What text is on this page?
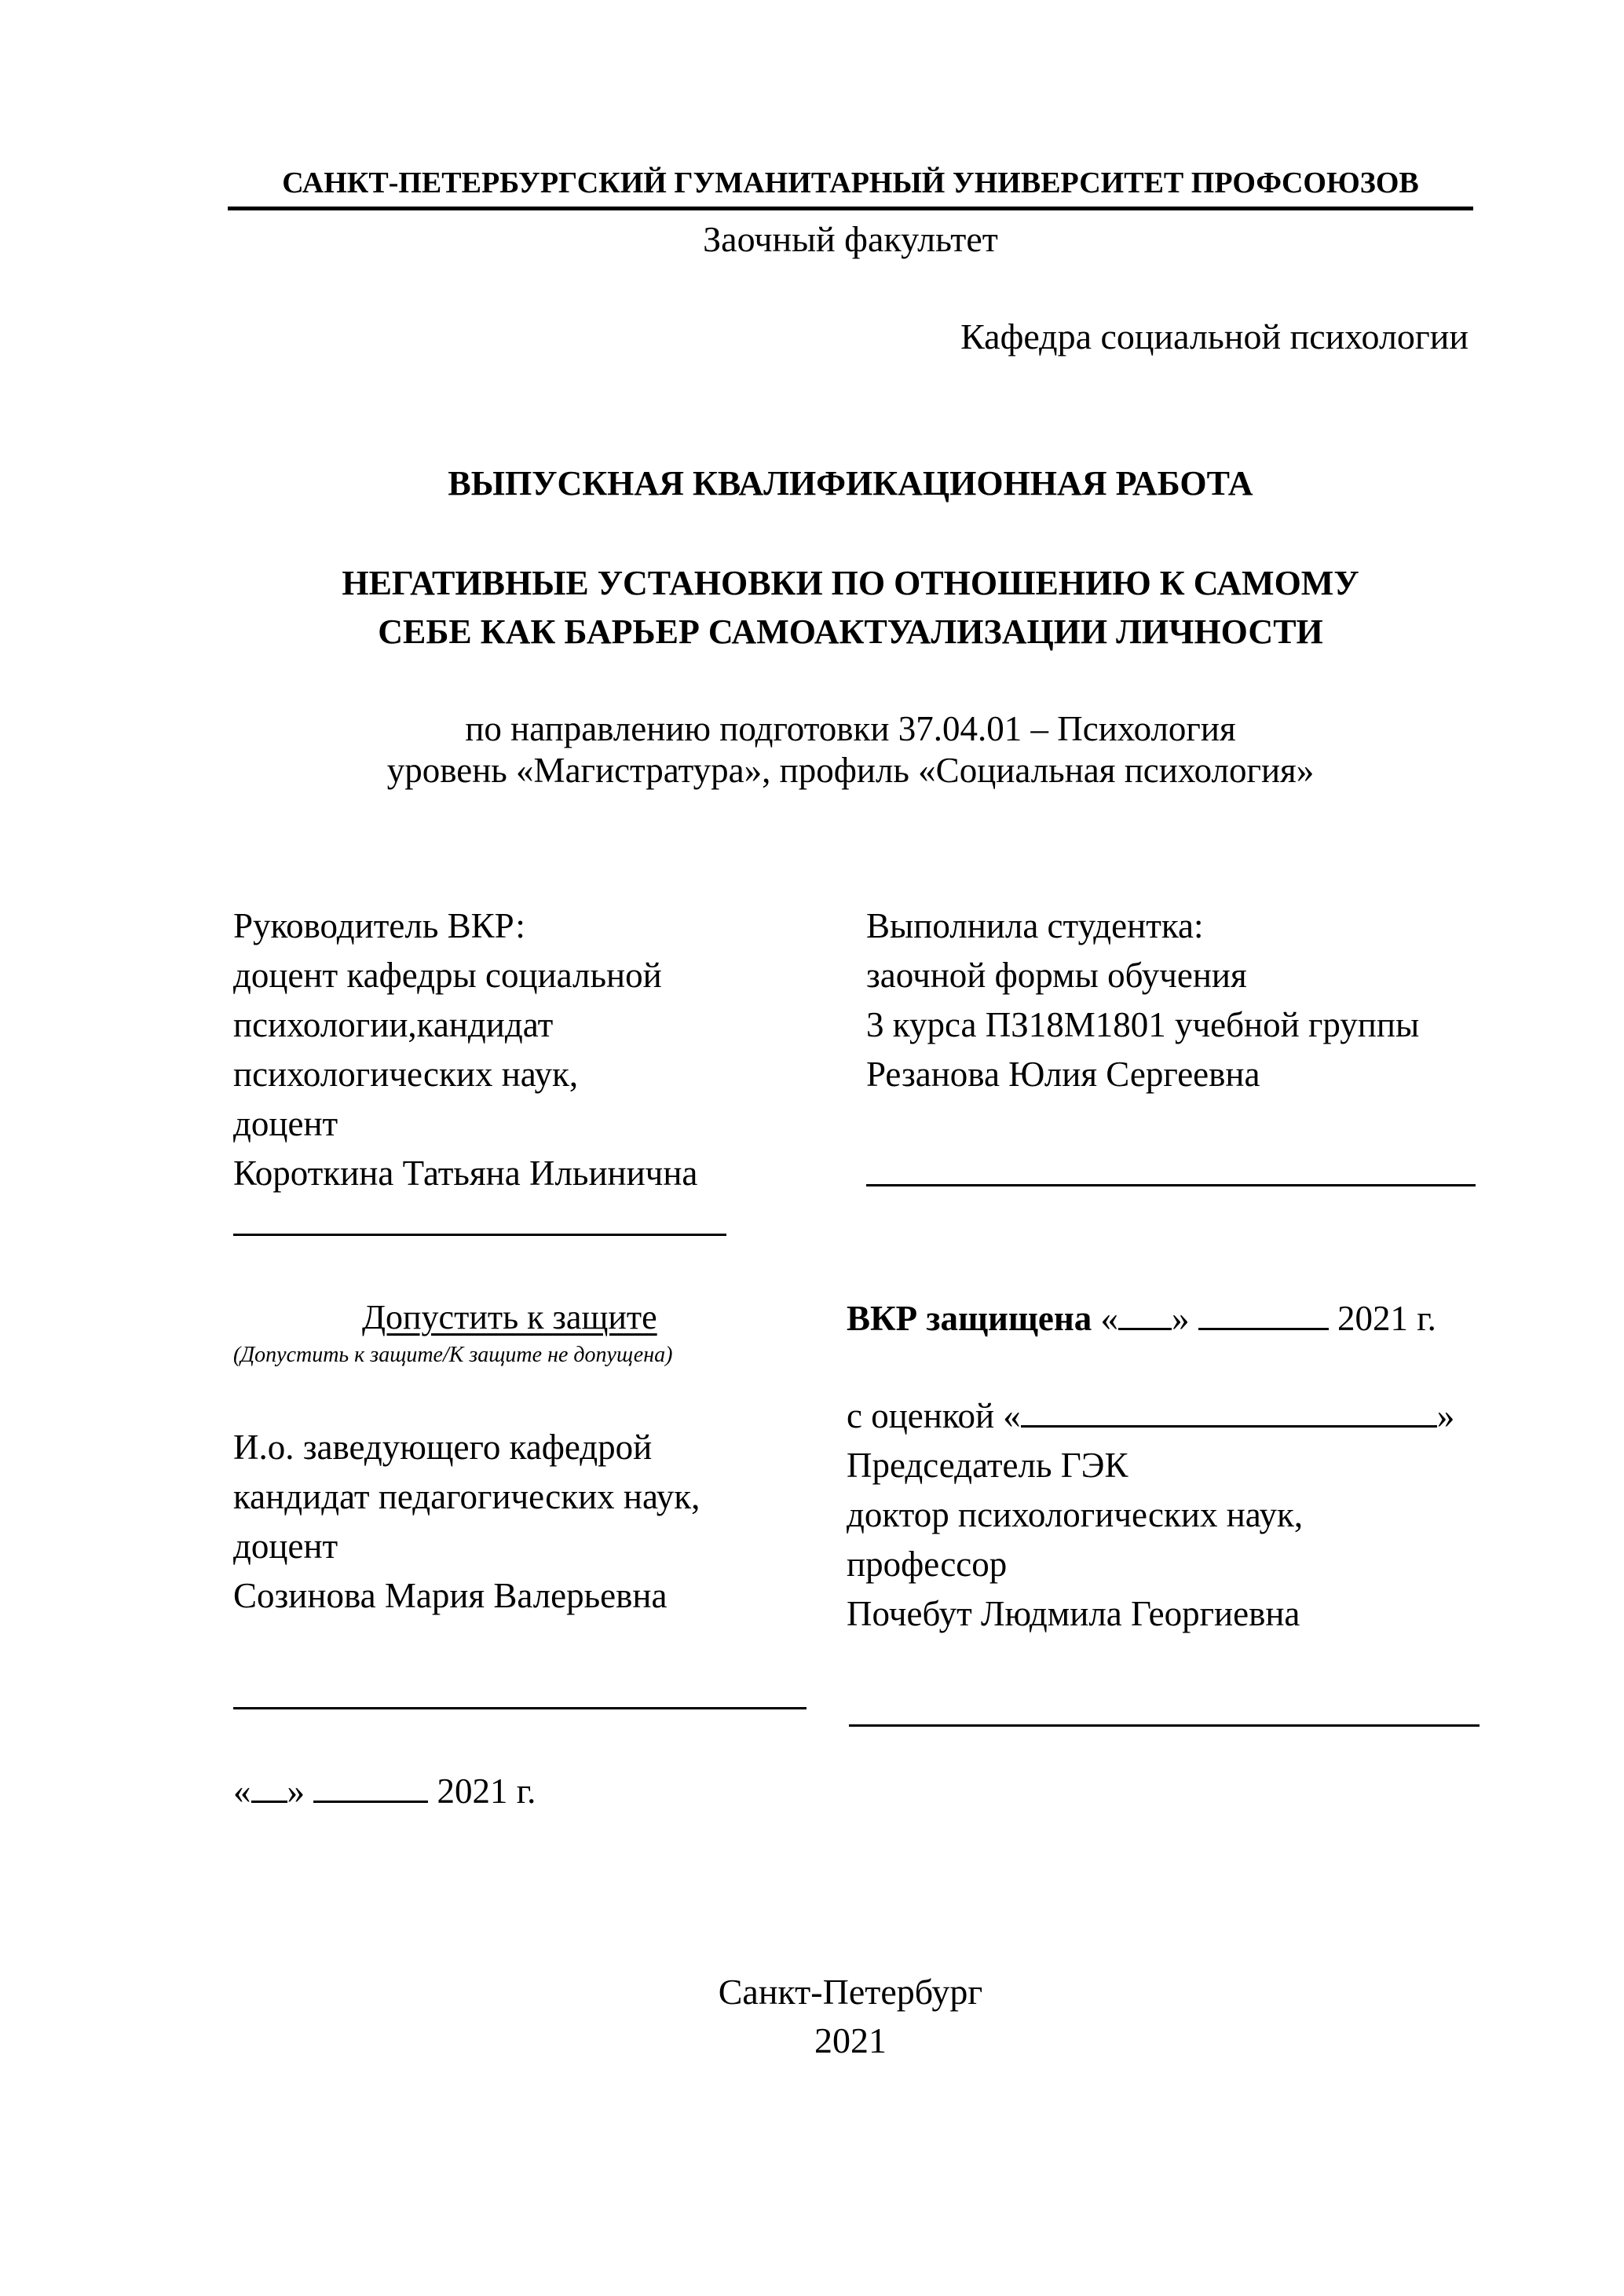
САНКТ-ПЕТЕРБУРГСКИЙ ГУМАНИТАРНЫЙ УНИВЕРСИТЕТ ПРОФСОЮЗОВ
Заочный факультет
Кафедра социальной психологии
ВЫПУСКНАЯ КВАЛИФИКАЦИОННАЯ РАБОТА
НЕГАТИВНЫЕ УСТАНОВКИ ПО ОТНОШЕНИЮ К САМОМУ
СЕБЕ КАК БАРЬЕР САМОАКТУАЛИЗАЦИИ ЛИЧНОСТИ
по направлению подготовки 37.04.01 – Психология
уровень «Магистратура», профиль «Социальная психология»
Руководитель ВКР:
доцент кафедры социальной
психологии,кандидат
психологических наук,
доцент
Короткина Татьяна Ильинична
Выполнила студентка:
заочной формы обучения
3 курса ПЗ18М1801 учебной группы
Резанова Юлия Сергеевна
Допустить к защите
(Допустить к защите/К защите не допущена)
И.о. заведующего кафедрой
кандидат педагогических наук,
доцент
Созинова Мария Валерьевна
« »	2021 г.
ВКР защищена « »	2021 г.
с оценкой «	»
Председатель ГЭК
доктор психологических наук,
профессор
Почебут Людмила Георгиевна
Санкт-Петербург
2021
